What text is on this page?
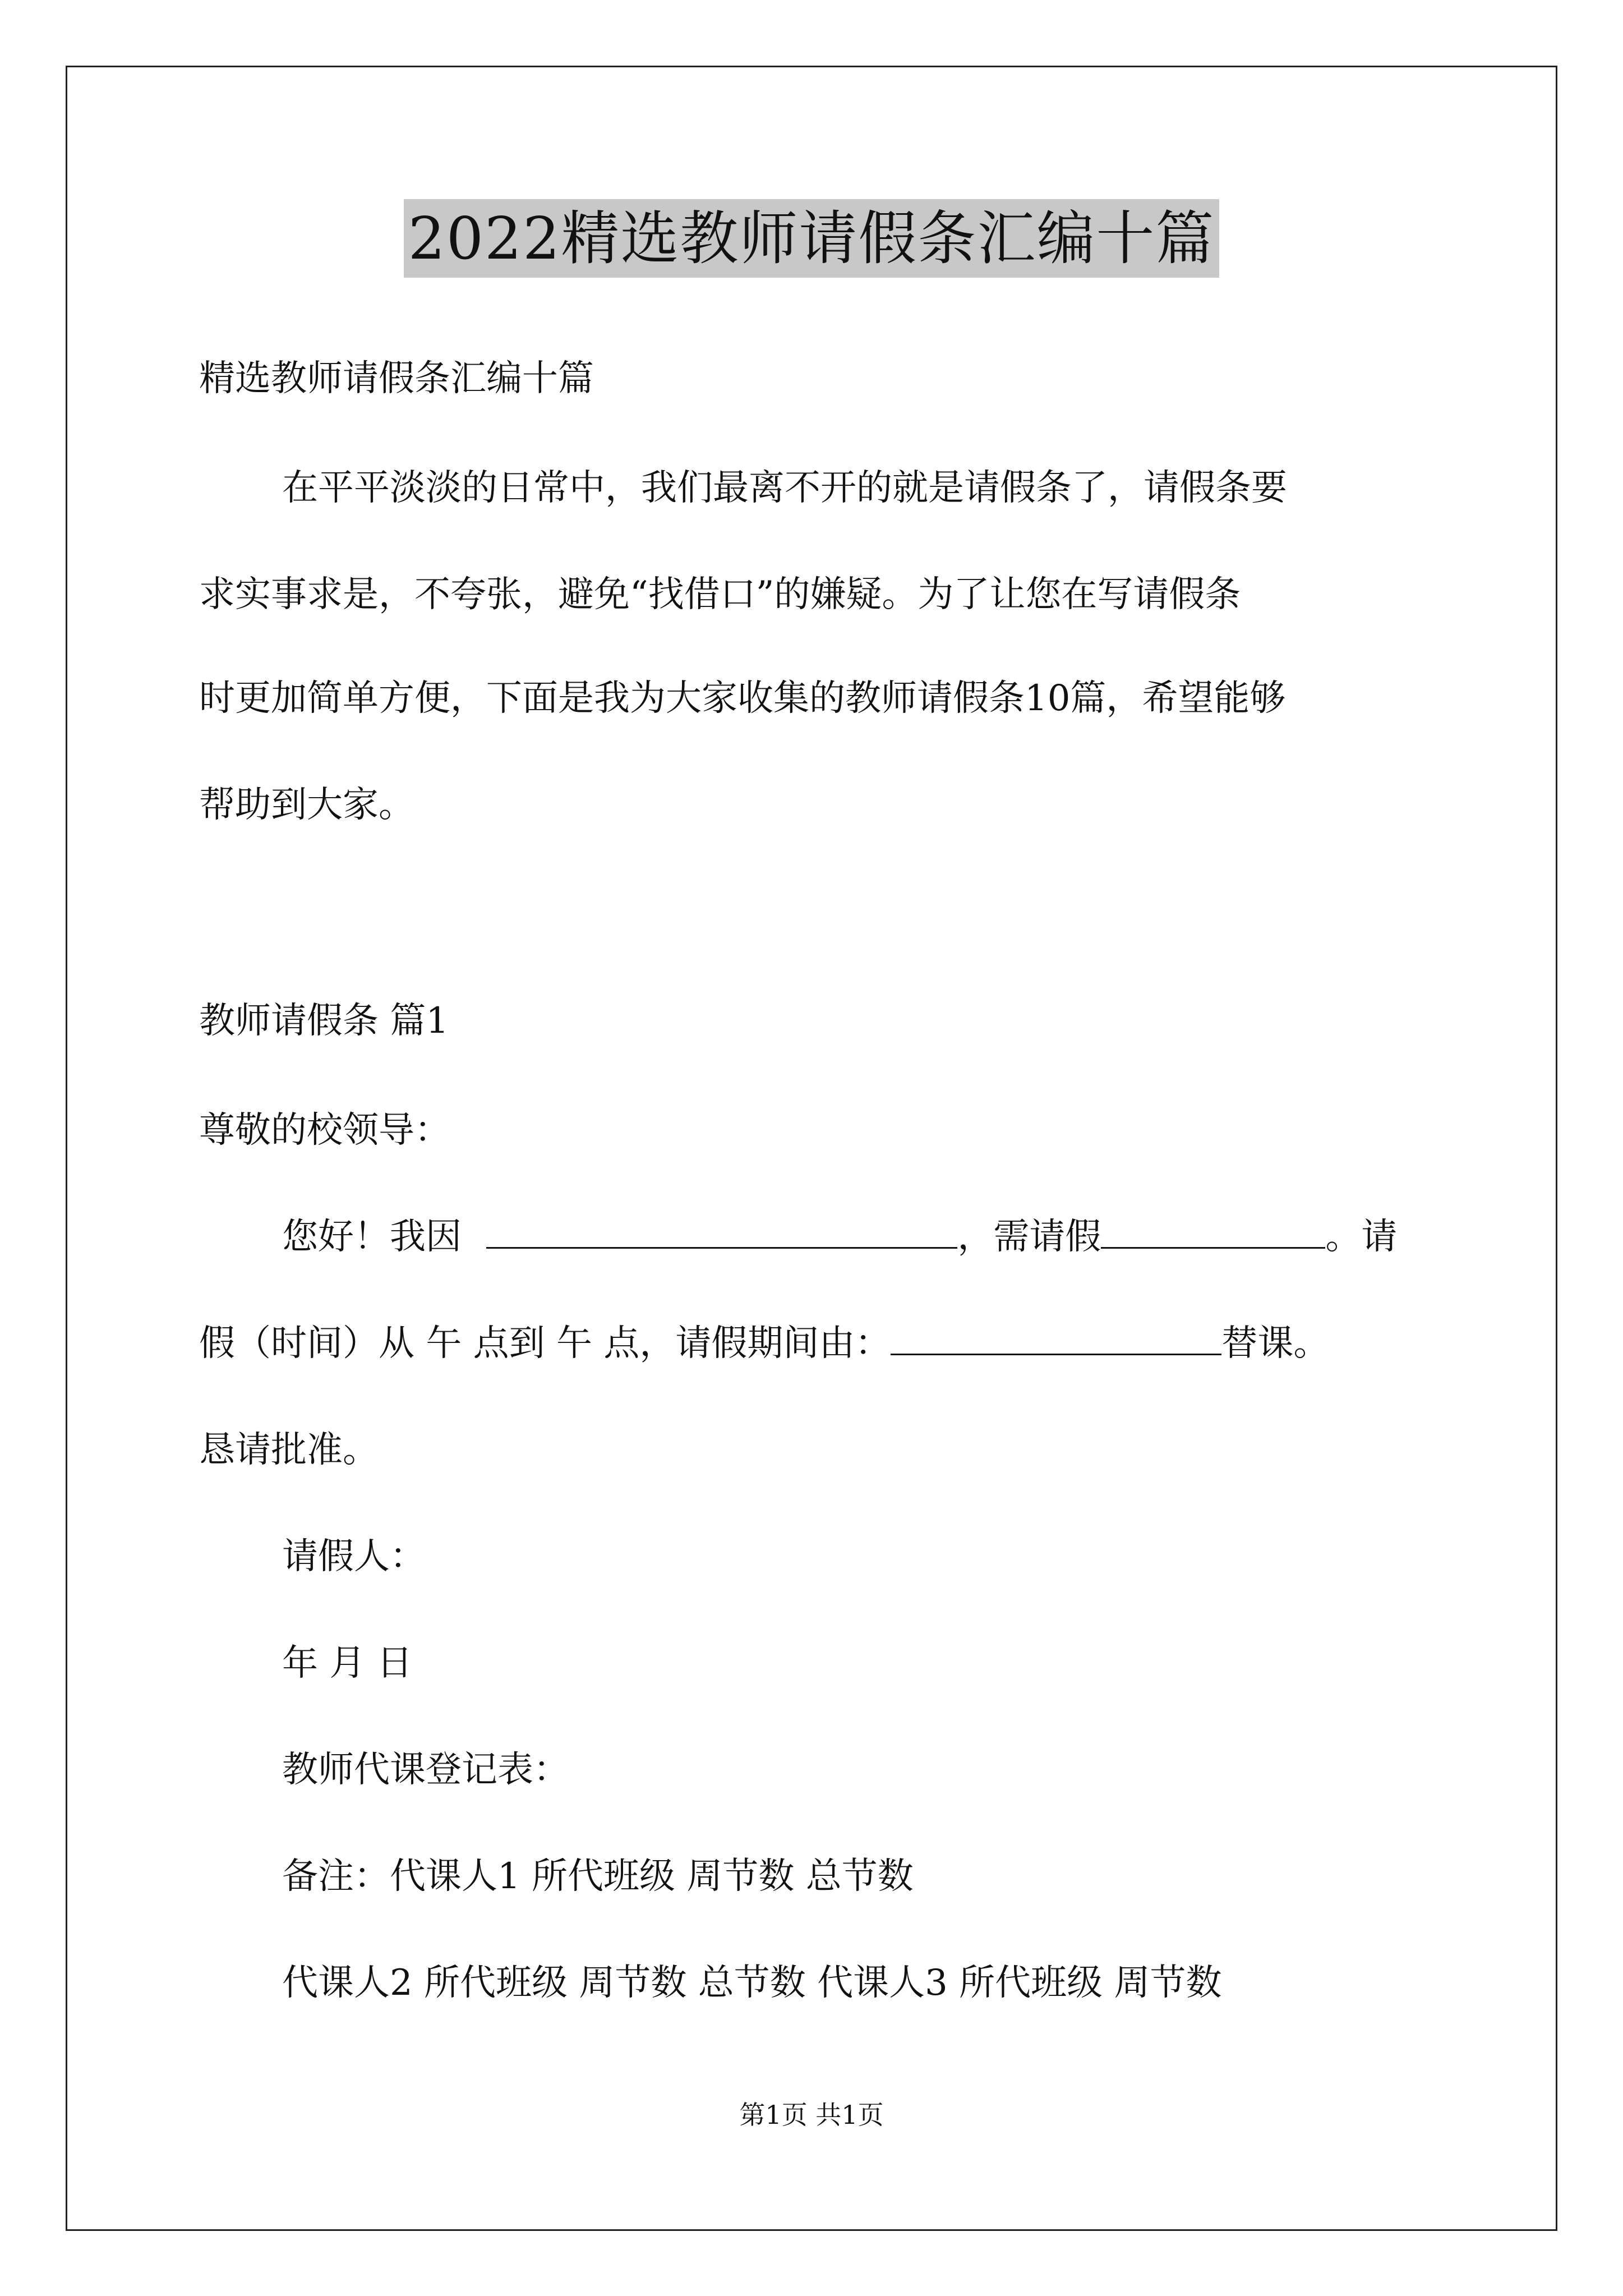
2022精选教师请假条汇编十篇
精选教师请假条汇编十篇
在平平淡淡的日常中，我们最离不开的就是请假条了，请假条要
求实事求是，不夸张，避免“找借口”的嫌疑。为了让您在写请假条
时更加简单方便，下面是我为大家收集的教师请假条10篇，希望能够
帮助到大家。
教师请假条 篇1
尊敬的校领导：
您好！我因	，需请假	。请
假（时间）从 午 点到 午 点，请假期间由：	替课。
恳请批准。
请假人：
年 月 日
教师代课登记表：
备注：代课人1 所代班级 周节数 总节数
代课人2 所代班级 周节数 总节数 代课人3 所代班级 周节数
第1页 共1页
